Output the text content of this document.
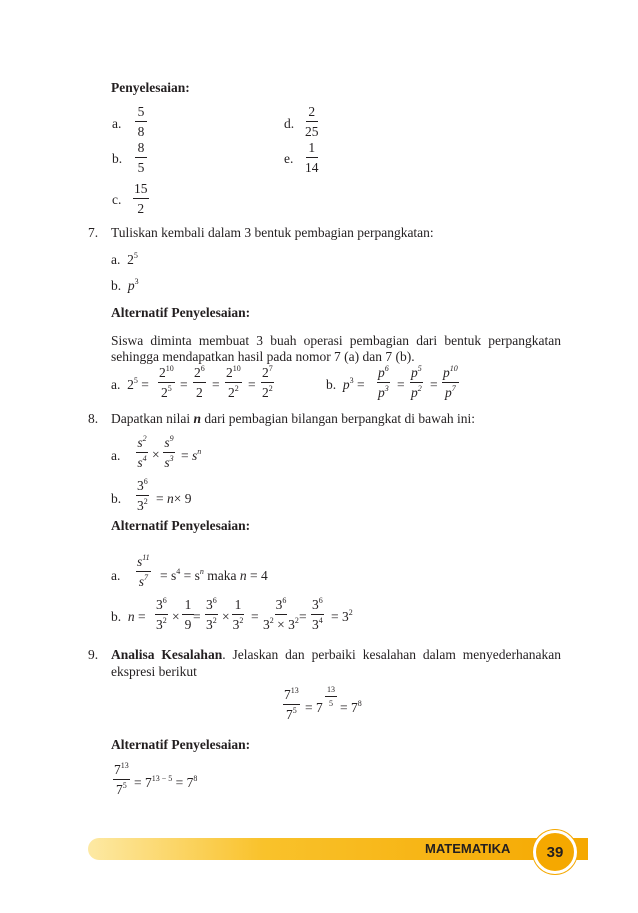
Penyelesaian:
a. $\frac{5}{8}$
b. $\frac{8}{5}$
c. $\frac{15}{2}$
d. $\frac{2}{25}$
e. $\frac{1}{14}$
7. Tuliskan kembali dalam 3 bentuk pembagian perpangkatan:
a. $2^5$
b. $p^3$
Alternatif Penyelesaian:
Siswa diminta membuat 3 buah operasi pembagian dari bentuk perpangkatan
sehingga mendapatkan hasil pada nomor 7 (a) dan 7 (b).
a. $2^5 = \frac{2^{10}}{2^5} = \frac{2^6}{2} = \frac{2^{10}}{2^2} = \frac{2^7}{2^2}$	b. $p^3 = \frac{p^6}{p^3} = \frac{p^5}{p^2} = \frac{p^{10}}{p^7}$
8. Dapatkan nilai n dari pembagian bilangan berpangkat di bawah ini:
a. $\frac{s^2}{s^4} \times \frac{s^9}{s^3} = s^n$
b. $\frac{3^6}{3^2} = n\times 9$
Alternatif Penyelesaian:
a. $\frac{s^{11}}{s^7} = s^4 = s^n$ maka n = 4
b. $n = \frac{3^6}{3^2} \times \frac{1}{9} = \frac{3^6}{3^2} \times \frac{1}{3^2} = \frac{3^6}{3^2 \times 3^2} = \frac{3^6}{3^4} = 3^2$
9. Analisa Kesalahan. Jelaskan dan perbaiki kesalahan dalam menyederhanakan
ekspresi berikut
$\frac{7^{13}}{7^5} = 7 \frac{13}{5} = 7^8$
Alternatif Penyelesaian:
$\frac{7^{13}}{7^5} = 7^{13 - 5} = 7^8$
MATEMATIKA	39
